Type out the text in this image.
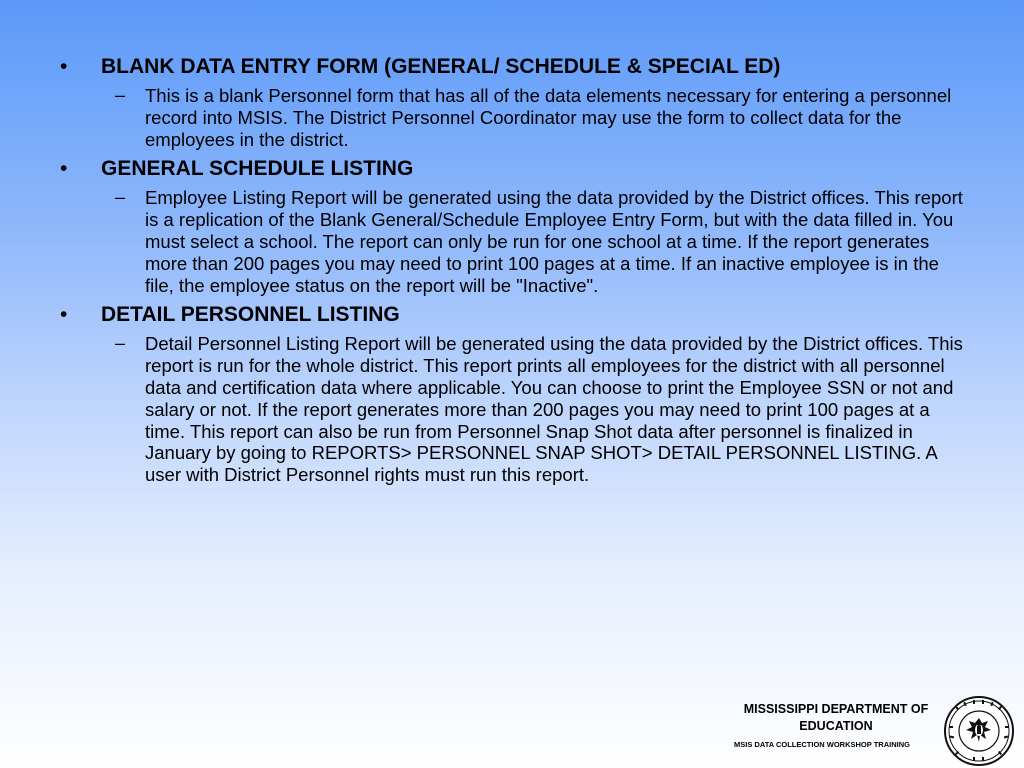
• BLANK DATA ENTRY FORM (GENERAL/ SCHEDULE & SPECIAL ED)
– This is a blank Personnel form that has all of the data elements necessary for entering a personnel record into MSIS. The District Personnel Coordinator may use the form to collect data for the employees in the district.
• GENERAL SCHEDULE LISTING
– Employee Listing Report will be generated using the data provided by the District offices. This report is a replication of the Blank General/Schedule Employee Entry Form, but with the data filled in. You must select a school. The report can only be run for one school at a time. If the report generates more than 200 pages you may need to print 100 pages at a time. If an inactive employee is in the file, the employee status on the report will be "Inactive".
• DETAIL PERSONNEL LISTING
– Detail Personnel Listing Report will be generated using the data provided by the District offices. This report is run for the whole district. This report prints all employees for the district with all personnel data and certification data where applicable. You can choose to print the Employee SSN or not and salary or not. If the report generates more than 200 pages you may need to print 100 pages at a time. This report can also be run from Personnel Snap Shot data after personnel is finalized in January by going to REPORTS> PERSONNEL SNAP SHOT> DETAIL PERSONNEL LISTING. A user with District Personnel rights must run this report.
MISSISSIPPI DEPARTMENT OF EDUCATION
MSIS DATA COLLECTION WORKSHOP TRAINING
